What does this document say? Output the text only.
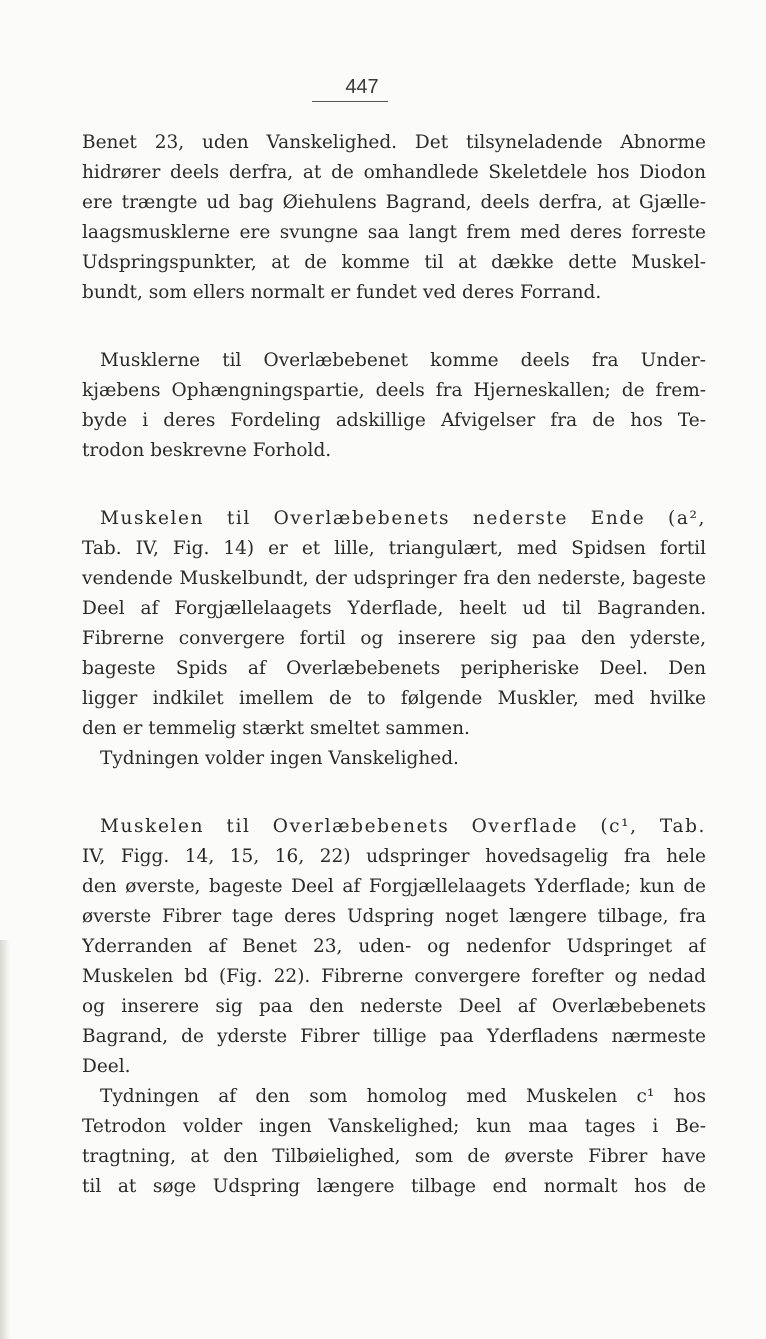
447
Benet 23, uden Vanskelighed. Det tilsyneladende Abnorme
hidrører deels derfra, at de omhandlede Skeletdele hos Diodon
ere trængte ud bag Øiehulens Bagrand, deels derfra, at Gjælle-
laagsmusklerne ere svungne saa langt frem med deres forreste
Udspringspunkter, at de komme til at dække dette Muskel-
bundt, som ellers normalt er fundet ved deres Forrand.
Musklerne til Overlæbebenet komme deels fra Under-
kjæbens Ophængningspartie, deels fra Hjerneskallen; de frem-
byde i deres Fordeling adskillige Afvigelser fra de hos Te-
trodon beskrevne Forhold.
Muskelen til Overlæbebenets nederste Ende (a²,
Tab. IV, Fig. 14) er et lille, triangulært, med Spidsen fortil
vendende Muskelbundt, der udspringer fra den nederste, bageste
Deel af Forgjællelaagets Yderflade, heelt ud til Bagranden.
Fibrerne convergere fortil og inserere sig paa den yderste,
bageste Spids af Overlæbebenets peripheriske Deel. Den
ligger indkilet imellem de to følgende Muskler, med hvilke
den er temmelig stærkt smeltet sammen.
Tydningen volder ingen Vanskelighed.
Muskelen til Overlæbebenets Overflade (c¹, Tab.
IV, Figg. 14, 15, 16, 22) udspringer hovedsagelig fra hele
den øverste, bageste Deel af Forgjællelaagets Yderflade; kun de
øverste Fibrer tage deres Udspring noget længere tilbage, fra
Yderranden af Benet 23, uden- og nedenfor Udspringet af
Muskelen bd (Fig. 22). Fibrerne convergere forefter og nedad
og inserere sig paa den nederste Deel af Overlæbebenets
Bagrand, de yderste Fibrer tillige paa Yderfladens nærmeste
Deel.
Tydningen af den som homolog med Muskelen c¹ hos
Tetrodon volder ingen Vanskelighed; kun maa tages i Be-
tragtning, at den Tilbøielighed, som de øverste Fibrer have
til at søge Udspring længere tilbage end normalt hos de
